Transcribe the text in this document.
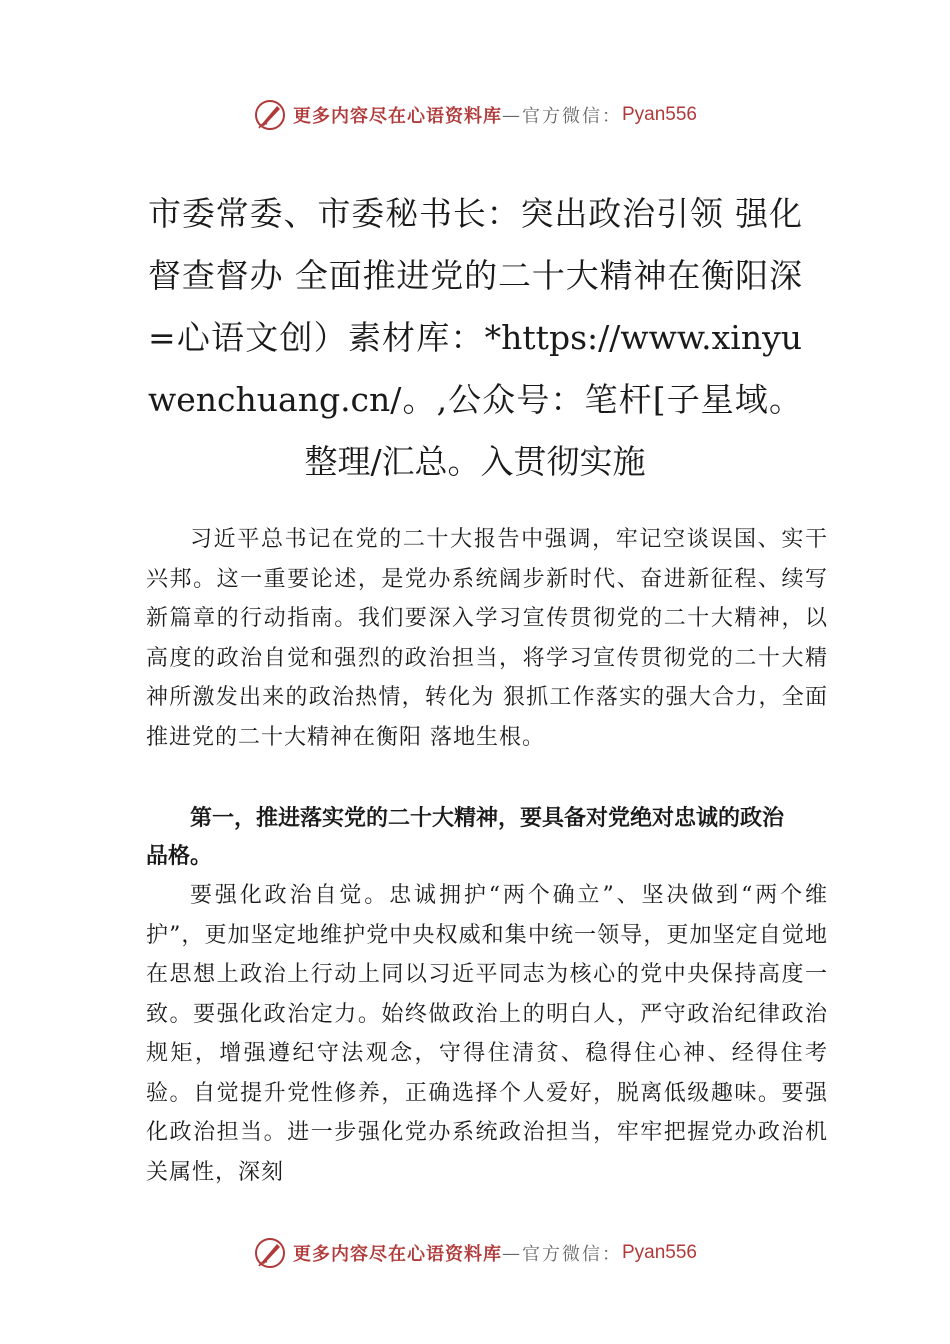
更多内容尽在心语资料库 — 官方微信： Pyan556
市委常委、市委秘书长：突出政治引领 强化督查督办 全面推进党的二十大精神在衡阳深=心语文创）素材库：*https://www.xinyuwenchuang.cn/。,公众号：笔杆[子星域。整理/汇总。入贯彻实施

习近平总书记在党的二十大报告中强调，牢记空谈误国、实干兴邦。这一重要论述，是党办系统阔步新时代、奋进新征程、续写新篇章的行动指南。我们要深入学习宣传贯彻党的二十大精神，以高度的政治自觉和强烈的政治担当，将学习宣传贯彻党的二十大精神所激发出来的政治热情，转化为 狠抓工作落实的强大合力，全面推进党的二十大精神在衡阳 落地生根。

第一，推进落实党的二十大精神，要具备对党绝对忠诚的政治品格。

要强化政治自觉。忠诚拥护“两个确立”、坚决做到“两个维护”，更加坚定地维护党中央权威和集中统一领导，更加坚定自觉地在思想上政治上行动上同以习近平同志为核心的党中央保持高度一致。要强化政治定力。始终做政治上的明白人，严守政治纪律政治规矩，增强遵纪守法观念，守得住清贫、稳得住心神、经得住考验。自觉提升党性修养，正确选择个人爱好，脱离低级趣味。要强化政治担当。进一步强化党办系统政治担当，牢牢把握党办政治机关属性，深刻

更多内容尽在心语资料库 — 官方微信： Pyan556
